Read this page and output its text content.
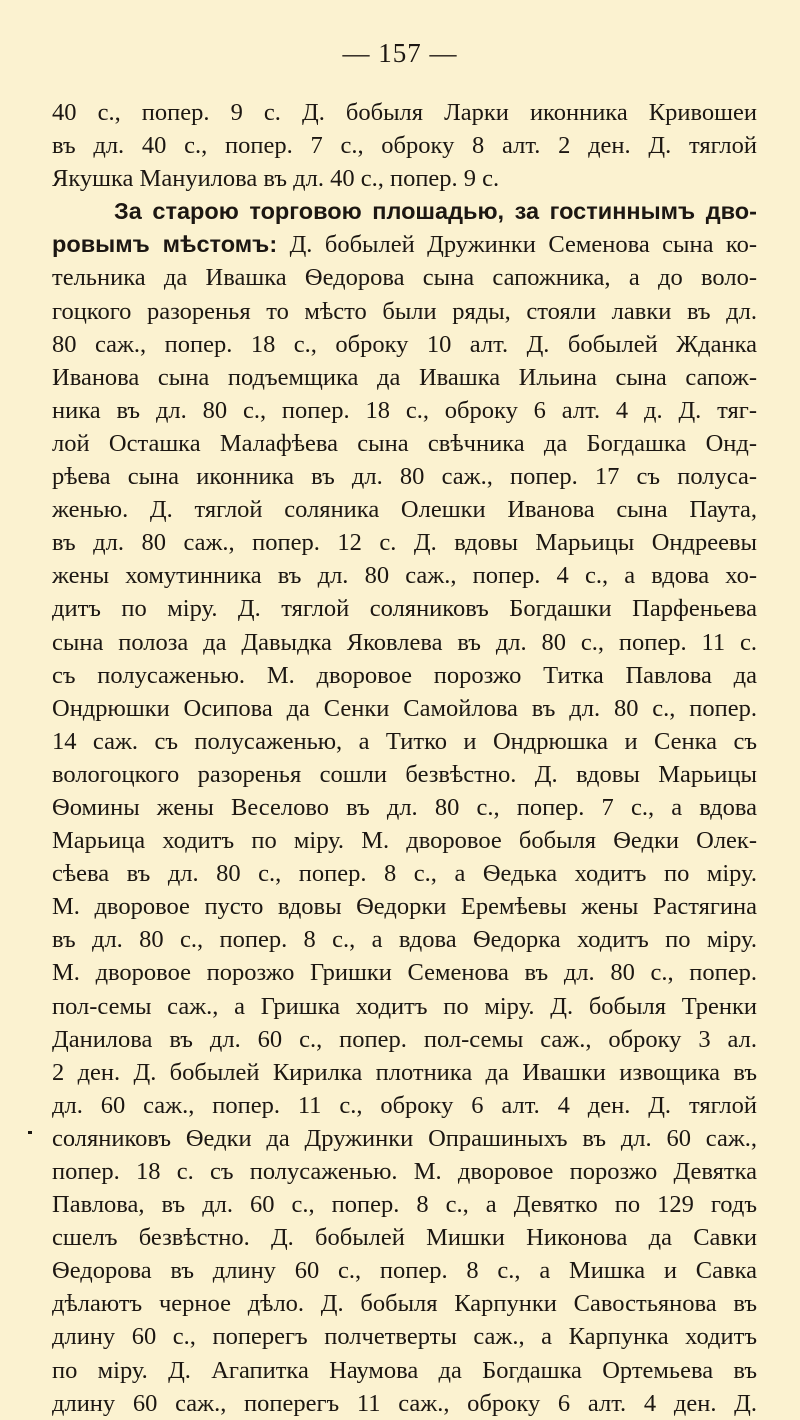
— 157 —
40 с., попер. 9 с. Д. бобыля Ларки иконника Кривошеи
въ дл. 40 с., попер. 7 с., оброку 8 алт. 2 ден. Д. тяглой
Якушка Мануилова въ дл. 40 с., попер. 9 с.
За старою торговою плошадью, за гостиннымъ дво-
ровымъ мѣстомъ: Д. бобылей Дружинки Семенова сына ко-
тельника да Ивашка Ѳедорова сына сапожника, а до воло-
гоцкого разоренья то мѣсто были ряды, стояли лавки въ дл.
80 саж., попер. 18 с., обpоку 10 алт. Д. бобылей Жданка
Иванова сына подъемщика да Ивашка Ильина сына сапож-
ника въ дл. 80 с., попер. 18 с., обpоку 6 алт. 4 д. Д. тяг-
лой Осташка Малафѣева сына свѣчника да Богдашка Онд-
рѣева сына иконника въ дл. 80 саж., попер. 17 съ полуса-
женью. Д. тяглой соляника Олешки Иванова сына Паута,
въ дл. 80 саж., попер. 12 с. Д. вдовы Марьицы Ондреевы
жены хомутинника въ дл. 80 саж., попер. 4 с., а вдова хо-
дитъ по міру. Д. тяглой соляниковъ Богдашки Парфеньева
сына полоза да Давыдка Яковлева въ дл. 80 с., попер. 11 с.
съ полусаженью. М. дворовое порозжо Титка Павлова да
Ондрюшки Осипова да Сенки Самойлова въ дл. 80 с., попер.
14 саж. съ полусаженью, а Титко и Ондрюшка и Сенка съ
вологоцкого разоренья сошли безвѣстно. Д. вдовы Марьицы
Ѳомины жены Веселово въ дл. 80 с., попер. 7 с., а вдова
Марьица ходитъ по міру. М. дворовое бобыля Ѳедки Олек-
сѣева въ дл. 80 с., попер. 8 с., а Ѳедька ходитъ по міру.
М. дворовое пусто вдовы Ѳедорки Еремѣевы жены Растягина
въ дл. 80 с., попер. 8 с., а вдова Ѳедорка ходитъ по міру.
М. дворовое порозжо Гришки Семенова въ дл. 80 с., попер.
пол-семы саж., а Гришка ходитъ по міру. Д. бобыля Тренки
Данилова въ дл. 60 с., попер. пол-семы саж., обpоку 3 ал.
2 ден. Д. бобылей Кирилка плотника да Ивашки извощика въ
дл. 60 саж., попер. 11 с., обpоку 6 алт. 4 ден. Д. тяглой
соляниковъ Ѳедки да Дружинки Опрашиныхъ въ дл. 60 саж.,
попер. 18 с. съ полусаженью. М. дворовое порозжо Девятка
Павлова, въ дл. 60 с., попер. 8 с., а Девятко по 129 годъ
сшелъ безвѣстно. Д. бобылей Мишки Никонова да Савки
Ѳедорова въ длину 60 с., попер. 8 с., а Мишка и Савка
дѣлаютъ черное дѣло. Д. бобыля Карпунки Савостьянова въ
длину 60 с., поперегъ полчетверты саж., а Карпунка ходитъ
по міру. Д. Агапитка Наумова да Богдашка Ортемьева въ
длину 60 саж., поперегъ 11 саж., обpоку 6 алт. 4 ден. Д.
